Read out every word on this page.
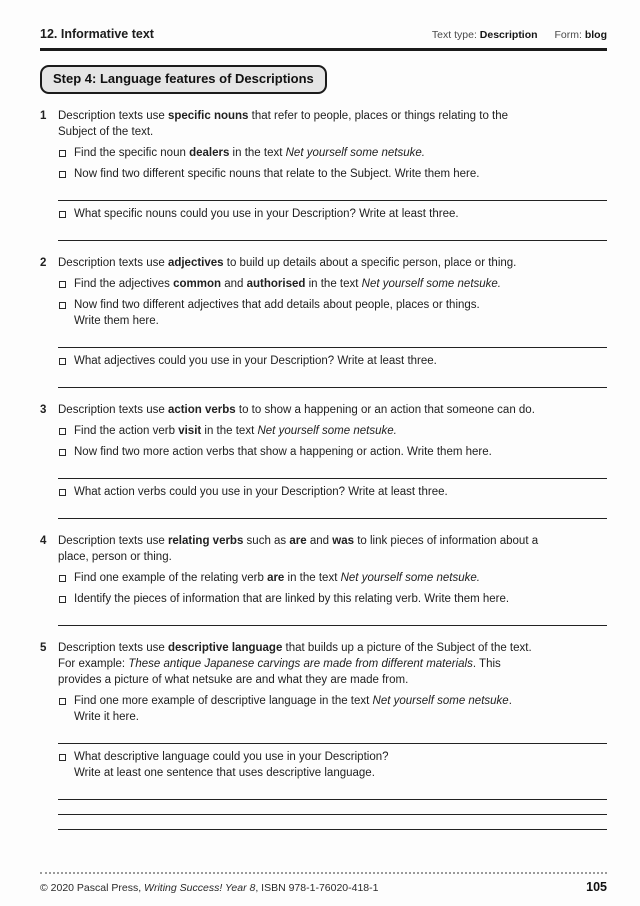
12. Informative text	Text type: Description Form: blog
Step 4: Language features of Descriptions
1	Description texts use specific nouns that refer to people, places or things relating to the
Subject of the text.
Find the specific noun dealers in the text Net yourself some netsuke.
Now find two different specific nouns that relate to the Subject. Write them here.
What specific nouns could you use in your Description? Write at least three.
2	Description texts use adjectives to build up details about a specific person, place or thing.
Find the adjectives common and authorised in the text Net yourself some netsuke.
Now find two different adjectives that add details about people, places or things.
Write them here.
What adjectives could you use in your Description? Write at least three.
3	Description texts use action verbs to to show a happening or an action that someone can do.
Find the action verb visit in the text Net yourself some netsuke.
Now find two more action verbs that show a happening or action. Write them here.
What action verbs could you use in your Description? Write at least three.
4	Description texts use relating verbs such as are and was to link pieces of information about a
place, person or thing.
Find one example of the relating verb are in the text Net yourself some netsuke.
Identify the pieces of information that are linked by this relating verb. Write them here.
5	Description texts use descriptive language that builds up a picture of the Subject of the text.
For example: These antique Japanese carvings are made from different materials. This
provides a picture of what netsuke are and what they are made from.
Find one more example of descriptive language in the text Net yourself some netsuke.
Write it here.
What descriptive language could you use in your Description?
Write at least one sentence that uses descriptive language.
© 2020 Pascal Press, Writing Success! Year 8, ISBN 978-1-76020-418-1	105
